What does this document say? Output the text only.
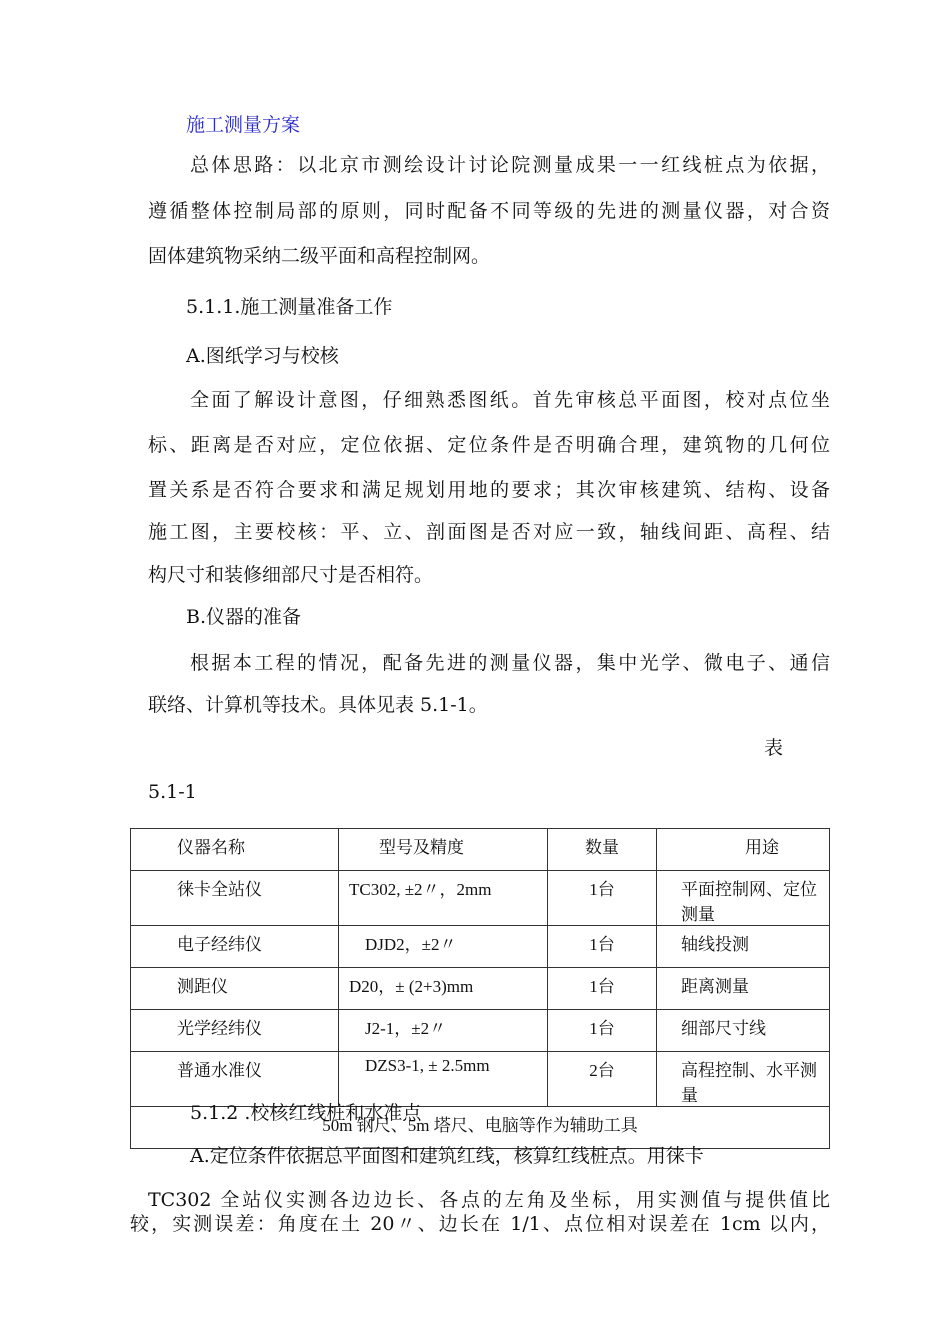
施工测量方案
总体思路：以北京市测绘设计讨论院测量成果一一红线桩点为依据，
遵循整体控制局部的原则，同时配备不同等级的先进的测量仪器，对合资
固体建筑物采纳二级平面和高程控制网。
5.1.1.施工测量准备工作
A.图纸学习与校核
全面了解设计意图，仔细熟悉图纸。首先审核总平面图，校对点位坐
标、距离是否对应，定位依据、定位条件是否明确合理，建筑物的几何位
置关系是否符合要求和满足规划用地的要求；其次审核建筑、结构、设备
施工图，主要校核：平、立、剖面图是否对应一致，轴线间距、高程、结
构尺寸和装修细部尺寸是否相符。
B.仪器的准备
根据本工程的情况，配备先进的测量仪器，集中光学、微电子、通信
联络、计算机等技术。具体见表 5.1-1。
表
5.1-1
仪器名称	型号及精度	数量	用途
徕卡全站仪	TC302, ±2〃，2mm	1台	平面控制网、定位测量
电子经纬仪	DJD2，±2〃	1台	轴线投测
测距仪	D20，± (2+3)mm	1台	距离测量
光学经纬仪	J2-1，±2〃	1台	细部尺寸线
普通水准仪	DZS3-1, ± 2.5mm	2台	高程控制、水平测量
50m 钢尺、5m 塔尺、电脑等作为辅助工具			
5.1.2 .校核红线桩和水准点
A.定位条件依据总平面图和建筑红线，核算红线桩点。用徕卡
TC302 全站仪实测各边边长、各点的左角及坐标，用实测值与提供值比
较，实测误差：角度在土 20〃、边长在 1/1、点位相对误差在 1cm 以内，
